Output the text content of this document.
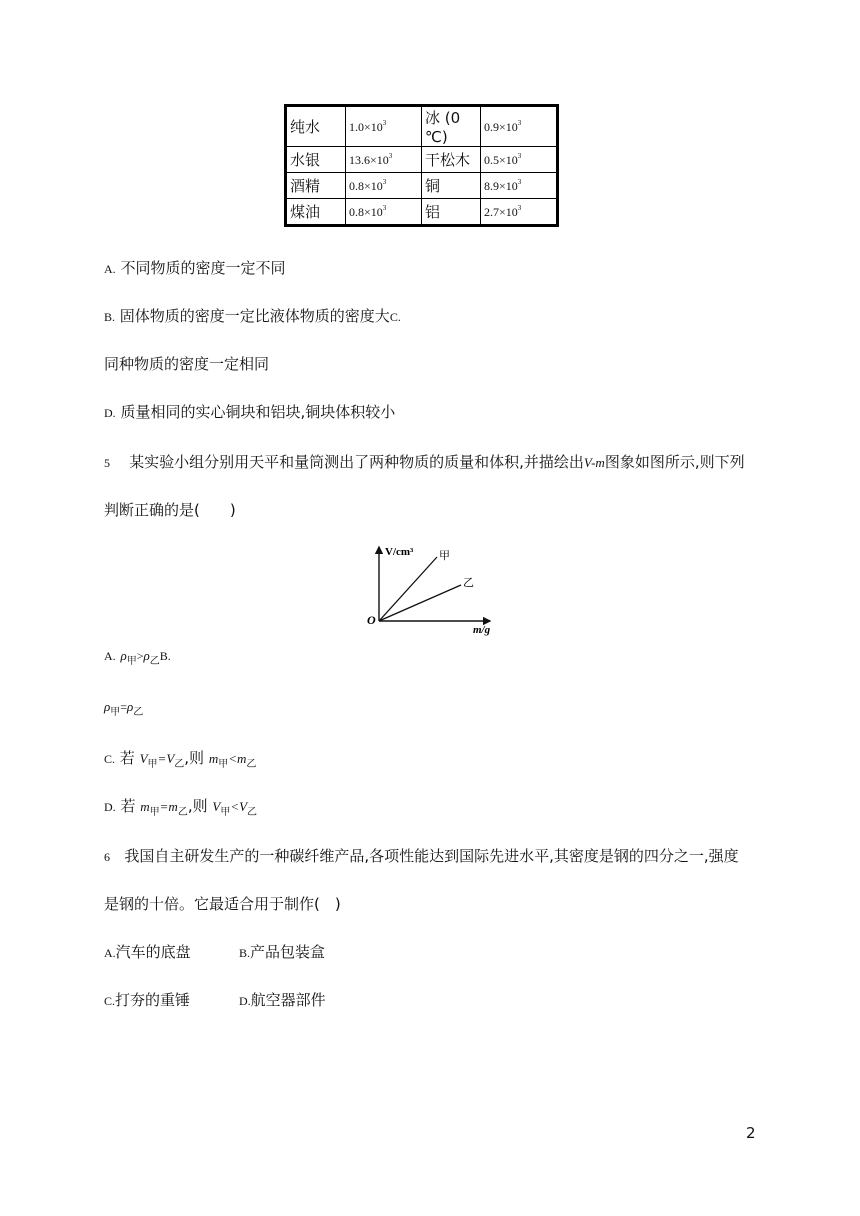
纯水	$1.0\times 10^3$	冰 (0 ℃)	$0.9\times 10^3$
水银	$13.6\times 10^3$	干松木	$0.5\times 10^3$
酒精	$0.8\times 10^3$	铜	$8.9\times 10^3$
煤油	$0.8\times 10^3$	铝	$2.7\times 10^3$
A. 不同物质的密度一定不同
B. 固体物质的密度一定比液体物质的密度大C.
同种物质的密度一定相同
D. 质量相同的实心铜块和铝块,铜块体积较小
5 某实验小组分别用天平和量筒测出了两种物质的质量和体积,并描绘出V-m图象如图所示,则下列
判断正确的是(　　)
V/cm³
m/g
O
甲
乙
A. $\rho_甲>\rho_乙B$.
$\rho_甲=\rho_乙$
C. 若 $V_甲=V_乙$,则 $m_甲<m_乙$
D. 若 $m_甲=m_乙$,则 $V_甲<V_乙$
6 我国自主研发生产的一种碳纤维产品,各项性能达到国际先进水平,其密度是钢的四分之一,强度
是钢的十倍。它最适合用于制作(　)
A.汽车的底盘	B.产品包装盒
C.打夯的重锤	D.航空器部件
2
